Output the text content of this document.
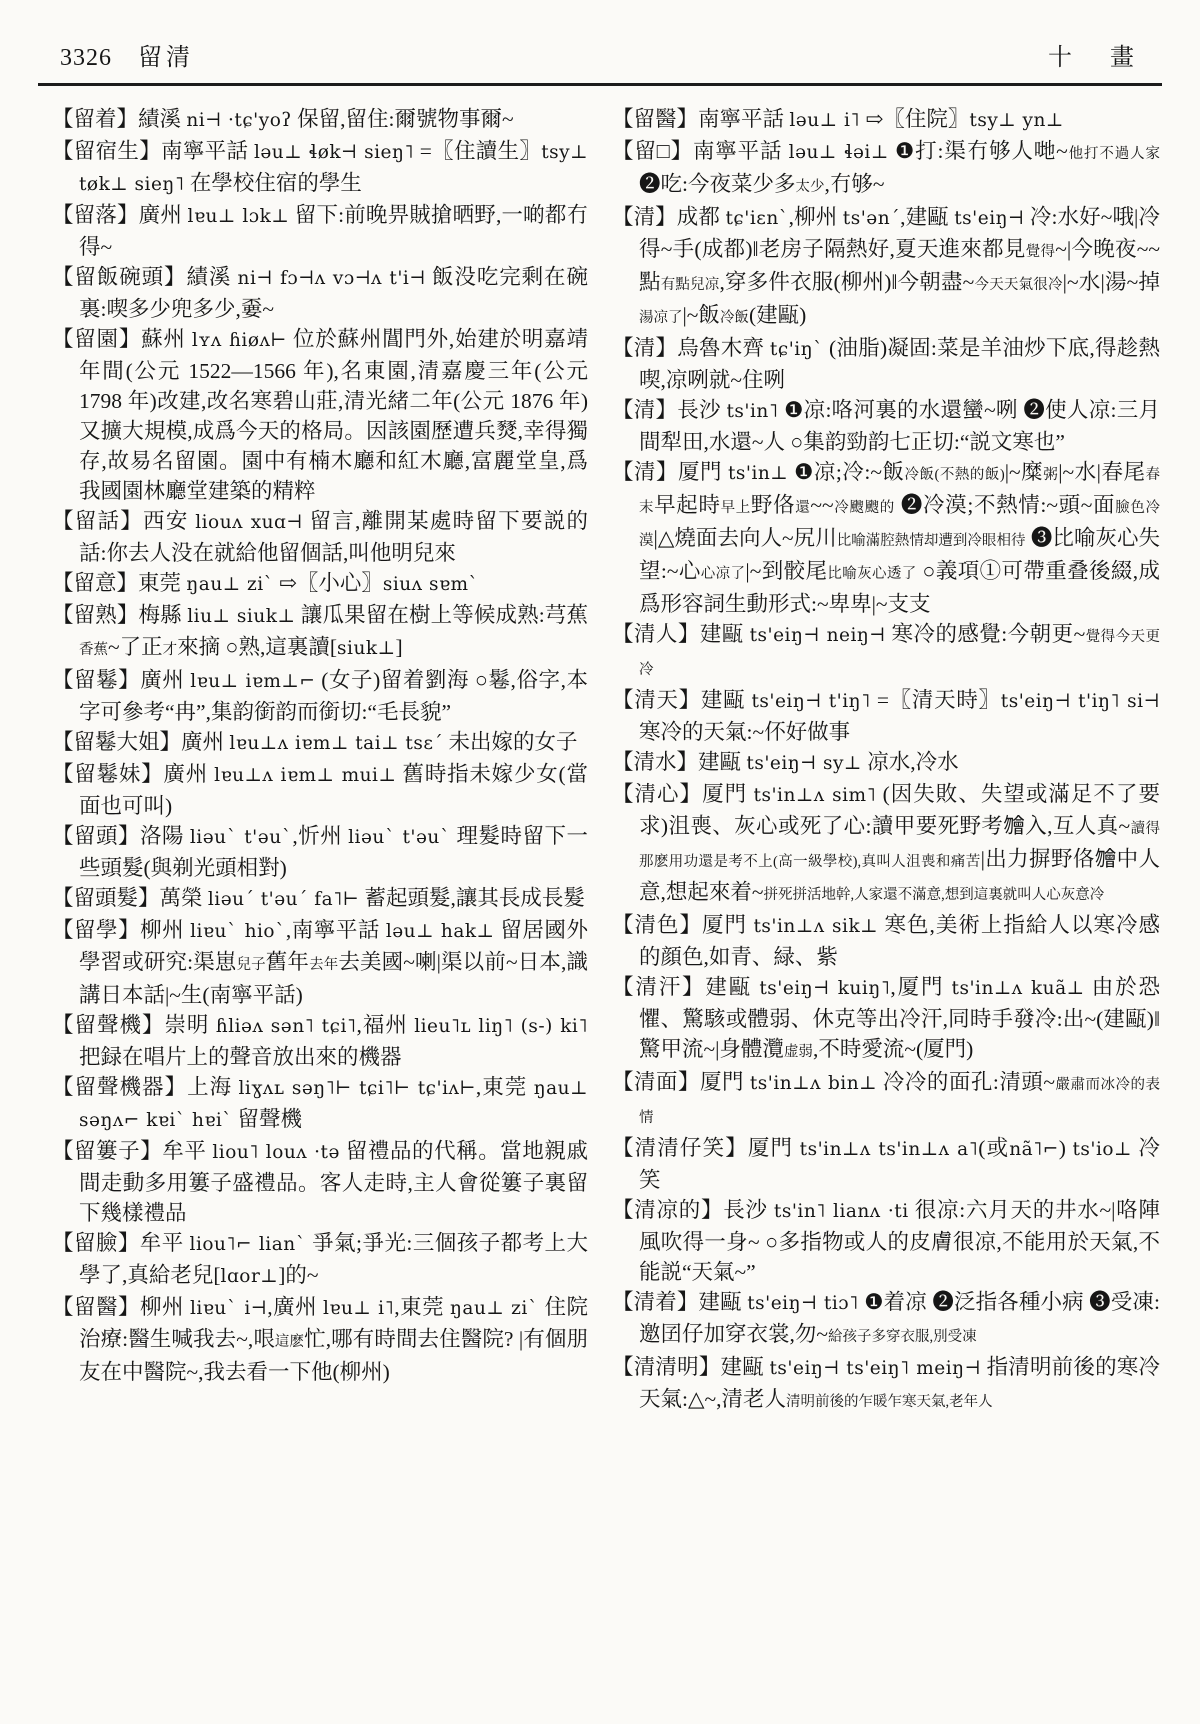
3326 留清	十 畫
【留着】績溪 ni⊣ ·tɕ'yoʔ 保留,留住:爾號物事爾~
【留宿生】南寧平話 ləu⊥ ɬøk⊣ sieŋ˥ =〖住讀生〗tsy⊥ tøk⊥ sieŋ˥ 在學校住宿的學生
【留落】廣州 lɐu⊥ lɔk⊥ 留下:前晚畀賊搶晒野,一啲都冇得~
【留飯碗頭】績溪 ni⊣ fɔ⊣ʌ vɔ⊣ʌ t'i⊣ 飯没吃完剩在碗裏:喫多少兜多少,嫑~
【留園】蘇州 lʏʌ ɦiøʌ⊢ 位於蘇州閶門外,始建於明嘉靖年間(公元 1522—1566 年),名東園,清嘉慶三年(公元 1798 年)改建,改名寒碧山莊,清光緒二年(公元 1876 年)又擴大規模,成爲今天的格局。因該園歷遭兵燹,幸得獨存,故易名留園。園中有楠木廳和紅木廳,富麗堂皇,爲我國園林廳堂建築的精粹
【留話】西安 liouʌ xuɑ⊣ 留言,離開某處時留下要説的話:你去人没在就給他留個話,叫他明兒來
【留意】東莞 ŋau⊥ ziˋ ⇨〖小心〗siuʌ sɐmˋ
【留熟】梅縣 liu⊥ siuk⊥ 讓瓜果留在樹上等候成熟:芎蕉香蕉~了正才來摘 ○熟,這裏讀[siuk⊥]
【留鬈】廣州 lɐu⊥ iɐm⊥⌐ (女子)留着劉海 ○鬈,俗字,本字可參考“冉”,集韵銜韵而銜切:“毛長貌”
【留鬈大姐】廣州 lɐu⊥ʌ iɐm⊥ tai⊥ tsɛˊ 未出嫁的女子
【留鬈妹】廣州 lɐu⊥ʌ iɐm⊥ mui⊥ 舊時指未嫁少女(當面也可叫)
【留頭】洛陽 liəuˋ t'əuˋ,忻州 liəuˋ t'əuˋ 理髮時留下一些頭髮(與剃光頭相對)
【留頭髮】萬榮 liəuˊ t'əuˊ fa˥⊢ 蓄起頭髮,讓其長成長髮
【留學】柳州 liɐuˋ hioˋ,南寧平話 ləu⊥ hak⊥ 留居國外學習或研究:渠崽兒子舊年去年去美國~喇|渠以前~日本,識講日本話|~生(南寧平話)
【留聲機】崇明 ɦliəʌ sən˥ tɕi˥,福州 lieu˥ʟ liŋ˥ (s-) ki˥ 把録在唱片上的聲音放出來的機器
【留聲機器】上海 liɣʌʟ səŋ˥⊢ tɕi˥⊢ tɕ'iʌ⊢,東莞 ŋau⊥ səŋʌ⌐ kɐiˋ hɐiˋ 留聲機
【留簍子】牟平 liou˥ louʌ ·tə 留禮品的代稱。當地親戚間走動多用簍子盛禮品。客人走時,主人會從簍子裏留下幾樣禮品
【留臉】牟平 liou˥⌐ lianˋ 爭氣;爭光:三個孩子都考上大學了,真給老兒[lɑor⊥]的~
【留醫】柳州 liɐuˋ i⊣,廣州 lɐu⊥ i˥,東莞 ŋau⊥ ziˋ 住院治療:醫生喊我去~,哏這麽忙,哪有時間去住醫院? |有個朋友在中醫院~,我去看一下他(柳州)
【留醫】南寧平話 ləu⊥ i˥ ⇨〖住院〗tsy⊥ yn⊥
【留□】南寧平話 ləu⊥ ɬəi⊥ ❶打:渠冇够人哋~他打不過人家 ❷吃:今夜菜少多太少,冇够~
【清】成都 tɕ'iɛnˋ,柳州 ts'ənˊ,建甌 ts'eiŋ⊣ 冷:水好~哦|冷得~手(成都)‖老房子隔熱好,夏天進來都見覺得~|今晚夜~~點有點兒凉,穿多件衣服(柳州)‖今朝盡~今天天氣很冷|~水|湯~掉湯凉了|~飯冷飯(建甌)
【清】烏魯木齊 tɕ'iŋˋ (油脂)凝固:菜是羊油炒下底,得趁熱喫,凉咧就~住咧
【清】長沙 ts'in˥ ❶凉:咯河裏的水還蠻~咧 ❷使人凉:三月間犁田,水還~人 ○集韵勁韵七正切:“説文寒也”
【清】厦門 ts'in⊥ ❶凉;冷:~飯冷飯(不熱的飯)|~糜粥|~水|春尾春末早起時早上野佫還~~冷颼颼的 ❷冷漠;不熱情:~頭~面臉色冷漠|△燒面去向人~尻川比喻滿腔熱情却遭到冷眼相待 ❸比喻灰心失望:~心心凉了|~到骹尾比喻灰心透了 ○義項①可帶重叠後綴,成爲形容詞生動形式:~卑卑|~支支
【清人】建甌 ts'eiŋ⊣ neiŋ⊣ 寒冷的感覺:今朝更~覺得今天更冷
【清天】建甌 ts'eiŋ⊣ t'iŋ˥ =〖清天時〗ts'eiŋ⊣ t'iŋ˥ si⊣ 寒冷的天氣:~伓好做事
【清水】建甌 ts'eiŋ⊣ sy⊥ 凉水,冷水
【清心】厦門 ts'in⊥ʌ sim˥ (因失敗、失望或滿足不了要求)沮喪、灰心或死了心:讀甲要死野考𣍐入,互人真~讀得那麽用功還是考不上(高一級學校),真叫人沮喪和痛苦|出力摒野佫𣍐中人意,想起來着~拼死拼活地幹,人家還不滿意,想到這裏就叫人心灰意冷
【清色】厦門 ts'in⊥ʌ sik⊥ 寒色,美術上指給人以寒冷感的顔色,如青、緑、紫
【清汗】建甌 ts'eiŋ⊣ kuiŋ˥,厦門 ts'in⊥ʌ kuã⊥ 由於恐懼、驚駭或體弱、休克等出冷汗,同時手發冷:出~(建甌)‖驚甲流~|身體灠虚弱,不時愛流~(厦門)
【清面】厦門 ts'in⊥ʌ bin⊥ 冷冷的面孔:清頭~嚴肅而冰冷的表情
【清清仔笑】厦門 ts'in⊥ʌ ts'in⊥ʌ a˥(或nã˥⌐) ts'io⊥ 冷笑
【清凉的】長沙 ts'in˥ lianʌ ·ti 很凉:六月天的井水~|咯陣風吹得一身~ ○多指物或人的皮膚很凉,不能用於天氣,不能説“天氣~”
【清着】建甌 ts'eiŋ⊣ tiɔ˥ ❶着凉 ❷泛指各種小病 ❸受凍:邀囝仔加穿衣裳,勿~給孩子多穿衣服,別受凍
【清清明】建甌 ts'eiŋ⊣ ts'eiŋ˥ meiŋ⊣ 指清明前後的寒冷天氣:△~,清老人清明前後的乍暖乍寒天氣,老年人
